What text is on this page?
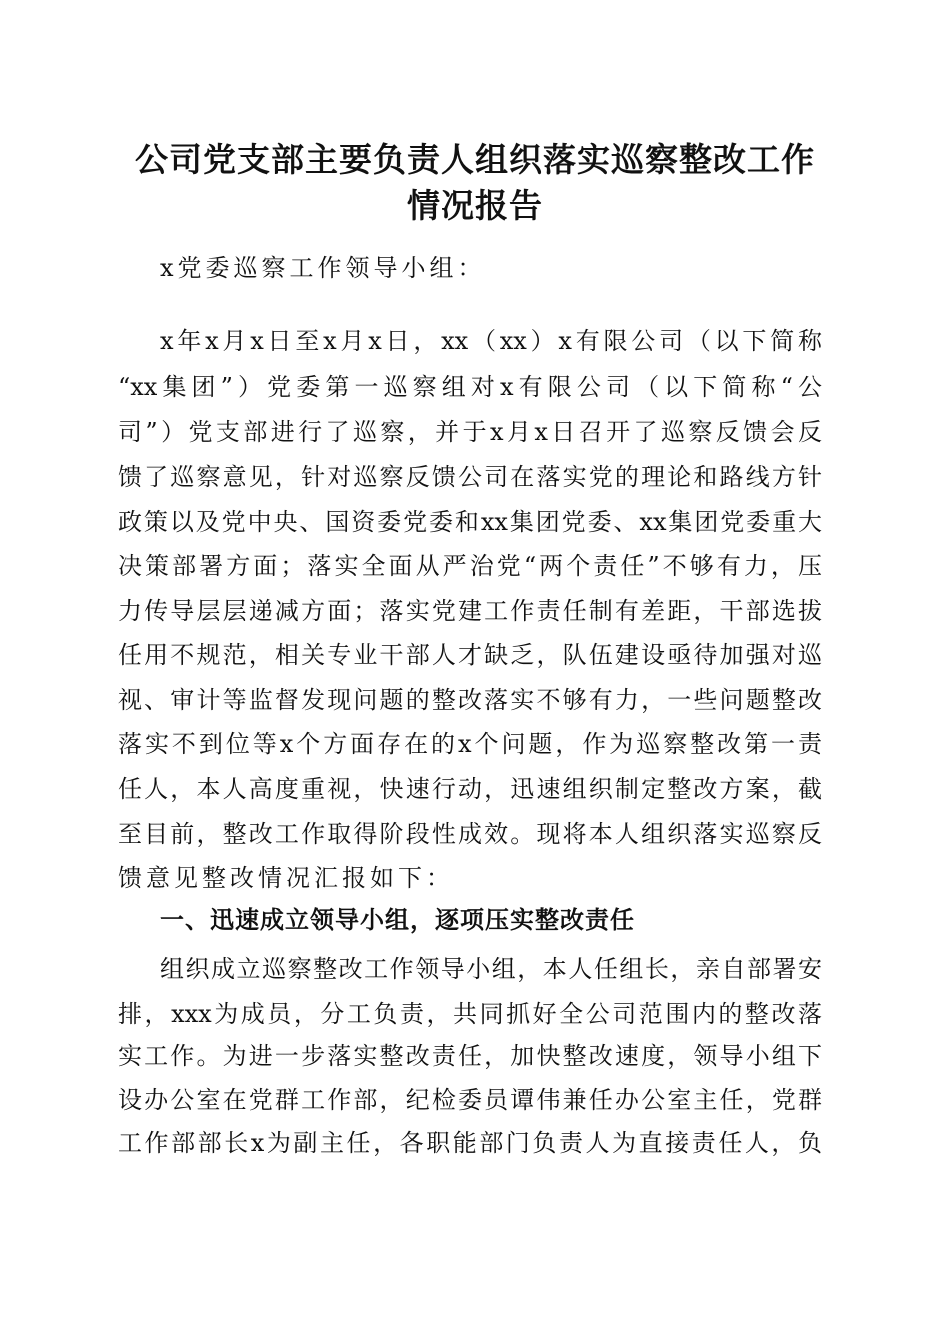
公司党支部主要负责人组织落实巡察整改工作
情况报告
x党委巡察工作领导小组：
x年x月x日至x月x日，xx（xx）x有限公司（以下简称
“xx集团”）党委第一巡察组对x有限公司（以下简称“公
司”）党支部进行了巡察，并于x月x日召开了巡察反馈会反
馈了巡察意见，针对巡察反馈公司在落实党的理论和路线方针
政策以及党中央、国资委党委和xx集团党委、xx集团党委重大
决策部署方面；落实全面从严治党“两个责任”不够有力，压
力传导层层递减方面；落实党建工作责任制有差距，干部选拔
任用不规范，相关专业干部人才缺乏，队伍建设亟待加强对巡
视、审计等监督发现问题的整改落实不够有力，一些问题整改
落实不到位等x个方面存在的x个问题，作为巡察整改第一责
任人，本人高度重视，快速行动，迅速组织制定整改方案，截
至目前，整改工作取得阶段性成效。现将本人组织落实巡察反
馈意见整改情况汇报如下：
一、迅速成立领导小组，逐项压实整改责任
组织成立巡察整改工作领导小组，本人任组长，亲自部署安
排，xxx为成员，分工负责，共同抓好全公司范围内的整改落
实工作。为进一步落实整改责任，加快整改速度，领导小组下
设办公室在党群工作部，纪检委员谭伟兼任办公室主任，党群
工作部部长x为副主任，各职能部门负责人为直接责任人，负
